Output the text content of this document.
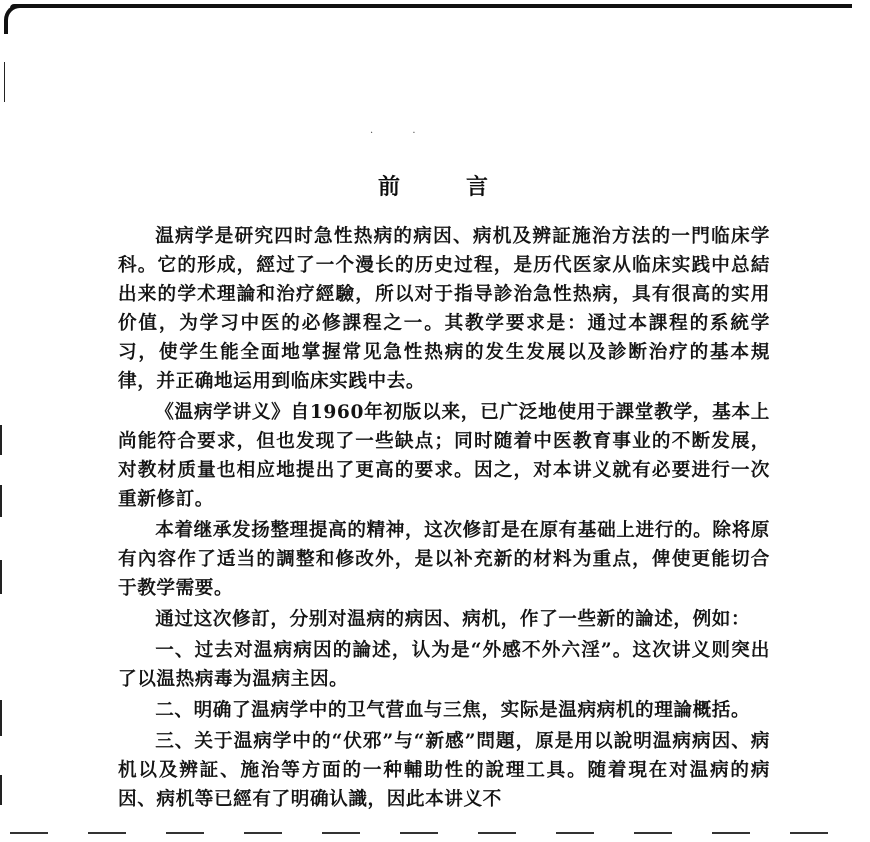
· ·
前	言

温病学是研究四时急性热病的病因、病机及辨証施治方法的一門临床学科。它的形成，經过了一个漫长的历史过程，是历代医家从临床实践中总結出来的学术理論和治疗經驗，所以对于指导診治急性热病，具有很高的实用价值，为学习中医的必修課程之一。其教学要求是：通过本課程的系統学习，使学生能全面地掌握常见急性热病的发生发展以及診断治疗的基本規律，并正确地运用到临床实践中去。

《温病学讲义》自1960年初版以来，已广泛地使用于課堂教学，基本上尚能符合要求，但也发现了一些缺点；同时随着中医教育事业的不断发展，对教材质量也相应地提出了更高的要求。因之，对本讲义就有必要进行一次重新修訂。

本着继承发扬整理提高的精神，这次修訂是在原有基础上进行的。除将原有內容作了适当的調整和修改外，是以补充新的材料为重点，俾使更能切合于教学需要。

通过这次修訂，分别对温病的病因、病机，作了一些新的論述，例如：

一、过去对温病病因的論述，认为是“外感不外六淫”。这次讲义则突出了以温热病毒为温病主因。

二、明确了温病学中的卫气营血与三焦，实际是温病病机的理論概括。

三、关于温病学中的“伏邪”与“新感”問題，原是用以說明温病病因、病机以及辨証、施治等方面的一种輔助性的說理工具。随着現在对温病的病因、病机等已經有了明确认識，因此本讲义不
